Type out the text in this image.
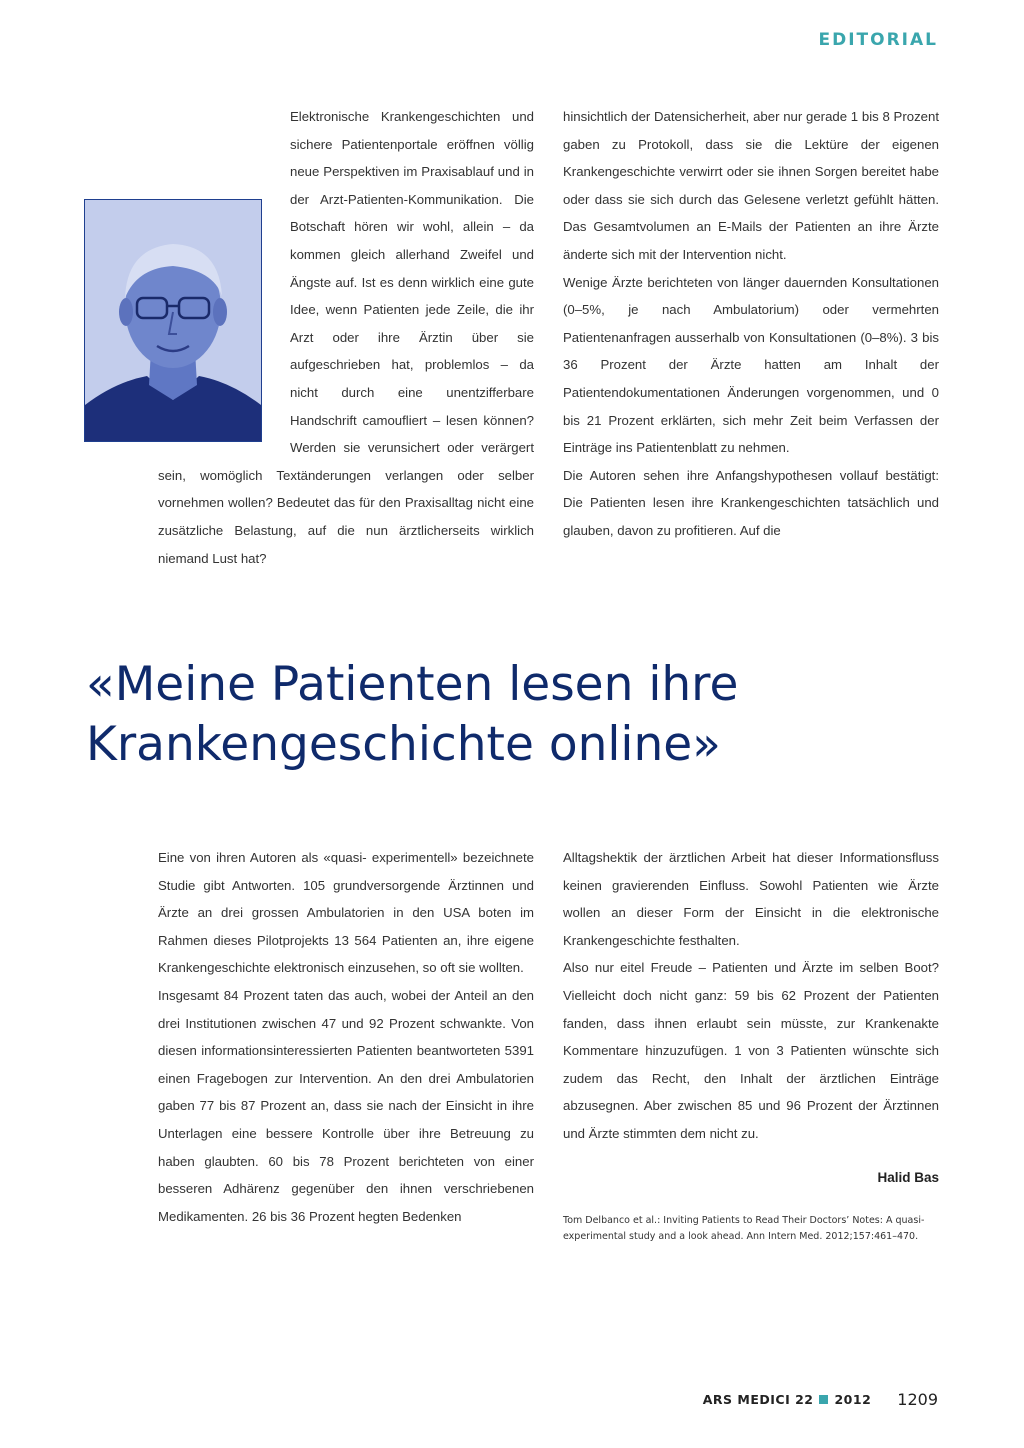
EDITORIAL

Elektronische Krankengeschichten und sichere Patientenportale eröffnen völlig neue Perspektiven im Praxisablauf und in der Arzt-Patienten-Kommunikation. Die Botschaft hören wir wohl, allein – da kommen gleich allerhand Zweifel und Ängste auf. Ist es denn wirklich eine gute Idee, wenn Patienten jede Zeile, die ihr Arzt oder ihre Ärztin über sie aufgeschrieben hat, problemlos – da nicht durch eine unentzifferbare Handschrift camoufliert – lesen können? Werden sie verunsichert oder verärgert sein, womöglich Textänderungen verlangen oder selber vornehmen wollen? Bedeutet das für den Praxisalltag nicht eine zusätzliche Belastung, auf die nun ärztlicherseits wirklich niemand Lust hat?

hinsichtlich der Datensicherheit, aber nur gerade 1 bis 8 Prozent gaben zu Protokoll, dass sie die Lektüre der eigenen Krankengeschichte verwirrt oder sie ihnen Sorgen bereitet habe oder dass sie sich durch das Gelesene verletzt gefühlt hätten. Das Gesamtvolumen an E-Mails der Patienten an ihre Ärzte änderte sich mit der Intervention nicht.

Wenige Ärzte berichteten von länger dauernden Konsultationen (0–5%, je nach Ambulatorium) oder vermehrten Patientenanfragen ausserhalb von Konsultationen (0–8%). 3 bis 36 Prozent der Ärzte hatten am Inhalt der Patientendokumentationen Änderungen vorgenommen, und 0 bis 21 Prozent erklärten, sich mehr Zeit beim Verfassen der Einträge ins Patientenblatt zu nehmen.

Die Autoren sehen ihre Anfangshypothesen vollauf bestätigt: Die Patienten lesen ihre Krankengeschichten tatsächlich und glauben, davon zu profitieren. Auf die

«Meine Patienten lesen ihre Krankengeschichte online»

Eine von ihren Autoren als «quasi- experimentell» bezeichnete Studie gibt Antworten. 105 grundversorgende Ärztinnen und Ärzte an drei grossen Ambulatorien in den USA boten im Rahmen dieses Pilotprojekts 13 564 Patienten an, ihre eigene Krankengeschichte elektronisch einzusehen, so oft sie wollten.

Insgesamt 84 Prozent taten das auch, wobei der Anteil an den drei Institutionen zwischen 47 und 92 Prozent schwankte. Von diesen informationsinteressierten Patienten beantworteten 5391 einen Fragebogen zur Intervention. An den drei Ambulatorien gaben 77 bis 87 Prozent an, dass sie nach der Einsicht in ihre Unterlagen eine bessere Kontrolle über ihre Betreuung zu haben glaubten. 60 bis 78 Prozent berichteten von einer besseren Adhärenz gegenüber den ihnen verschriebenen Medikamenten. 26 bis 36 Prozent hegten Bedenken

Alltagshektik der ärztlichen Arbeit hat dieser Informationsfluss keinen gravierenden Einfluss. Sowohl Patienten wie Ärzte wollen an dieser Form der Einsicht in die elektronische Krankengeschichte festhalten.

Also nur eitel Freude – Patienten und Ärzte im selben Boot? Vielleicht doch nicht ganz: 59 bis 62 Prozent der Patienten fanden, dass ihnen erlaubt sein müsste, zur Krankenakte Kommentare hinzuzufügen. 1 von 3 Patienten wünschte sich zudem das Recht, den Inhalt der ärztlichen Einträge abzusegnen. Aber zwischen 85 und 96 Prozent der Ärztinnen und Ärzte stimmten dem nicht zu.

Halid Bas
Tom Delbanco et al.: Inviting Patients to Read Their Doctors’ Notes: A quasi-experimental study and a look ahead. Ann Intern Med. 2012;157:461–470.
ARS MEDICI 22 2012 1209
